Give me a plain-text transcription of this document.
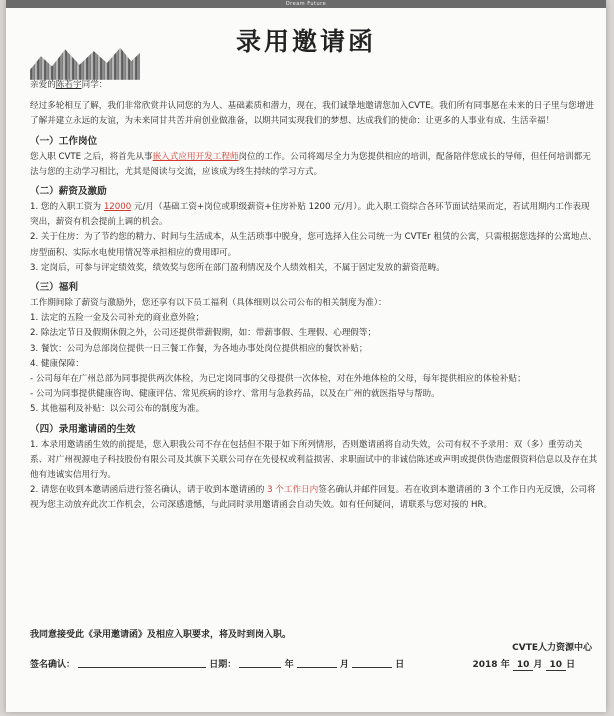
Dream Future
录用邀请函

亲爱的陈若宇同学：

经过多轮相互了解，我们非常欣赏并认同您的为人、基础素质和潜力，现在，我们诚挚地邀请您加入CVTE。我们所有同事愿在未来的日子里与您增进了解并建立永远的友谊，为未来同甘共苦并肩创业做准备，以期共同实现我们的梦想、达成我们的使命：让更多的人事业有成、生活幸福！

（一）工作岗位

您入职 CVTE 之后，将首先从事嵌入式应用开发工程师岗位的工作。公司将竭尽全力为您提供相应的培训，配备陪伴您成长的导师，但任何培训都无法与您的主动学习相比，尤其是阅读与交流，应该成为终生持续的学习方式。

（二）薪资及激励

1. 您的入职工资为 12000 元/月（基础工资+岗位或职级薪资+住房补贴 1200 元/月）。此入职工资综合各环节面试结果而定，若试用期内工作表现突出，薪资有机会提前上调的机会。

2. 关于住房：为了节约您的精力、时间与生活成本，从生活琐事中脱身，您可选择入住公司统一为 CVTEr 租赁的公寓，只需根据您选择的公寓地点、房型面积、实际水电使用情况等承担相应的费用即可。

3. 定岗后，可参与评定绩效奖，绩效奖与您所在部门盈利情况及个人绩效相关，不属于固定发放的薪资范畴。

（三）福利

工作期间除了薪资与激励外，您还享有以下员工福利（具体细则以公司公布的相关制度为准）：

1. 法定的五险一金及公司补充的商业意外险；

2. 除法定节日及假期休假之外，公司还提供带薪假期，如：带薪事假、生理假、心理假等；

3. 餐饮：公司为总部岗位提供一日三餐工作餐，为各地办事处岗位提供相应的餐饮补贴；

4. 健康保障：

- 公司每年在广州总部为同事提供两次体检，为已定岗同事的父母提供一次体检，对在外地体检的父母，每年提供相应的体检补贴；

- 公司为同事提供健康咨询、健康评估、常见疾病的诊疗、常用与急救药品，以及在广州的就医指导与帮助。

5. 其他福利及补贴：以公司公布的制度为准。

（四）录用邀请函的生效

1. 本录用邀请函生效的前提是，您入职我公司不存在包括但不限于如下所列情形，否则邀请函将自动失效，公司有权不予录用：双（多）重劳动关系、对广州视源电子科技股份有限公司及其旗下关联公司存在先侵权或利益损害、求职面试中的非诚信陈述或声明或提供伪造虚假资料信息以及存在其他有违诚实信用行为。

2. 请您在收到本邀请函后进行签名确认，请于收到本邀请函的 3 个工作日内签名确认并邮件回复。若在收到本邀请函的 3 个工作日内无反馈，公司将视为您主动放弃此次工作机会，公司深感遗憾，与此同时录用邀请函会自动失效。如有任何疑问，请联系与您对接的 HR。

我同意接受此《录用邀请函》及相应入职要求，将及时到岗入职。
CVTE人力资源中心
签名确认：	日期：	年	月	日	2018 年 10 月 10 日
